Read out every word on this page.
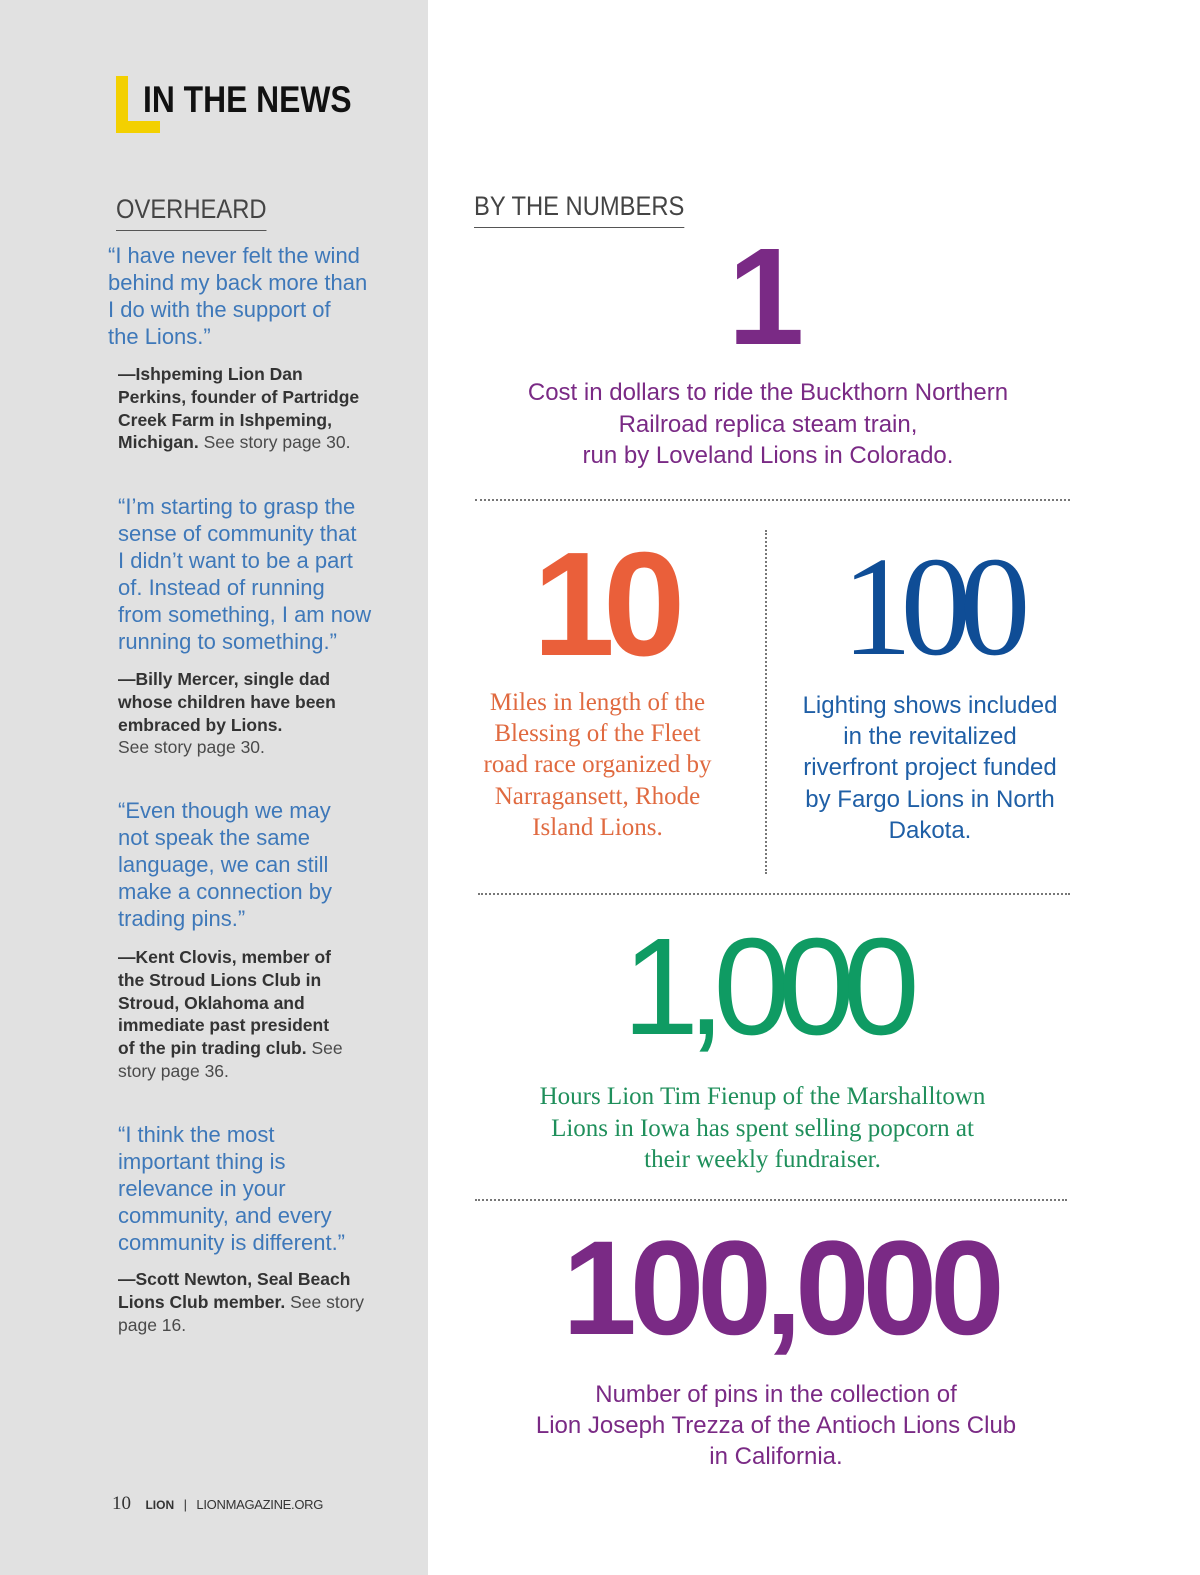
IN THE NEWS
OVERHEARD

“I have never felt the wind
behind my back more than
I do with the support of
the Lions.”

—Ishpeming Lion Dan
Perkins, founder of Partridge
Creek Farm in Ishpeming,
Michigan. See story page 30.

“I’m starting to grasp the
sense of community that
I didn’t want to be a part
of. Instead of running
from something, I am now
running to something.”

—Billy Mercer, single dad
whose children have been
embraced by Lions.
See story page 30.

“Even though we may
not speak the same
language, we can still
make a connection by
trading pins.”

—Kent Clovis, member of
the Stroud Lions Club in
Stroud, Oklahoma and
immediate past president
of the pin trading club. See
story page 36.

“I think the most
important thing is
relevance in your
community, and every
community is different.”

—Scott Newton, Seal Beach
Lions Club member. See story
page 16.

BY THE NUMBERS
1

Cost in dollars to ride the Buckthorn Northern
Railroad replica steam train,
run by Loveland Lions in Colorado.

10

Miles in length of the
Blessing of the Fleet
road race organized by
Narragansett, Rhode
Island Lions.

100

Lighting shows included
in the revitalized
riverfront project funded
by Fargo Lions in North
Dakota.

1,000

Hours Lion Tim Fienup of the Marshalltown
Lions in Iowa has spent selling popcorn at
their weekly fundraiser.

100,000

Number of pins in the collection of
Lion Joseph Trezza of the Antioch Lions Club
in California.

10 LION | LIONMAGAZINE.ORG
